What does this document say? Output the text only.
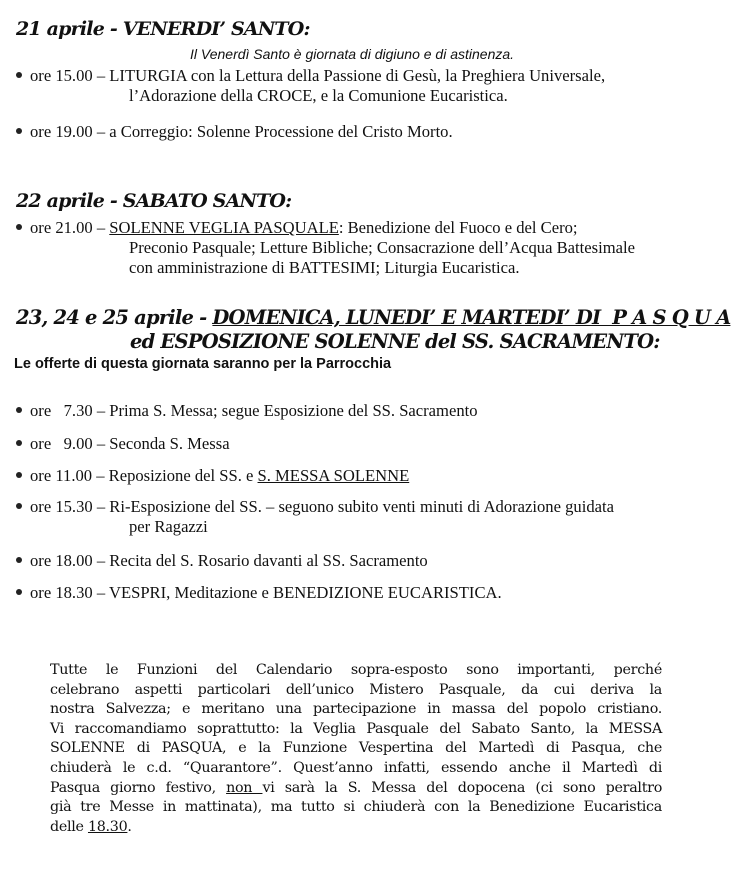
21 aprile - VENERDI’ SANTO:
Il Venerdì Santo è giornata di digiuno e di astinenza.
ore 15.00 – LITURGIA con la Lettura della Passione di Gesù, la Preghiera Universale,
l’Adorazione della CROCE, e la Comunione Eucaristica.
ore 19.00 – a Correggio: Solenne Processione del Cristo Morto.
22 aprile - SABATO SANTO:
ore 21.00 – SOLENNE VEGLIA PASQUALE: Benedizione del Fuoco e del Cero;
Preconio Pasquale; Letture Bibliche; Consacrazione dell’Acqua Battesimale
con amministrazione di BATTESIMI; Liturgia Eucaristica.
23, 24 e 25 aprile - DOMENICA, LUNEDI’ E MARTEDI’ DI  P A S Q U A
ed ESPOSIZIONE SOLENNE del SS. SACRAMENTO:
Le offerte di questa giornata saranno per la Parrocchia
ore   7.30 – Prima S. Messa; segue Esposizione del SS. Sacramento
ore   9.00 – Seconda S. Messa
ore 11.00 – Reposizione del SS. e S. MESSA SOLENNE
ore 15.30 – Ri-Esposizione del SS. – seguono subito venti minuti di Adorazione guidata
per Ragazzi
ore 18.00 – Recita del S. Rosario davanti al SS. Sacramento
ore 18.30 – VESPRI, Meditazione e BENEDIZIONE EUCARISTICA.
Tutte le Funzioni del Calendario sopra-esposto sono importanti, perché
celebrano aspetti particolari dell’unico Mistero Pasquale, da cui deriva la
nostra Salvezza; e meritano una partecipazione in massa del popolo cristiano.
Vi raccomandiamo soprattutto: la Veglia Pasquale del Sabato Santo, la MESSA
SOLENNE di PASQUA, e la Funzione Vespertina del Martedì di Pasqua, che
chiuderà le c.d. “Quarantore”. Quest’anno infatti, essendo anche il Martedì di
Pasqua giorno festivo, non vi sarà la S. Messa del dopocena (ci sono peraltro
già tre Messe in mattinata), ma tutto si chiuderà con la Benedizione Eucaristica
delle 18.30.
